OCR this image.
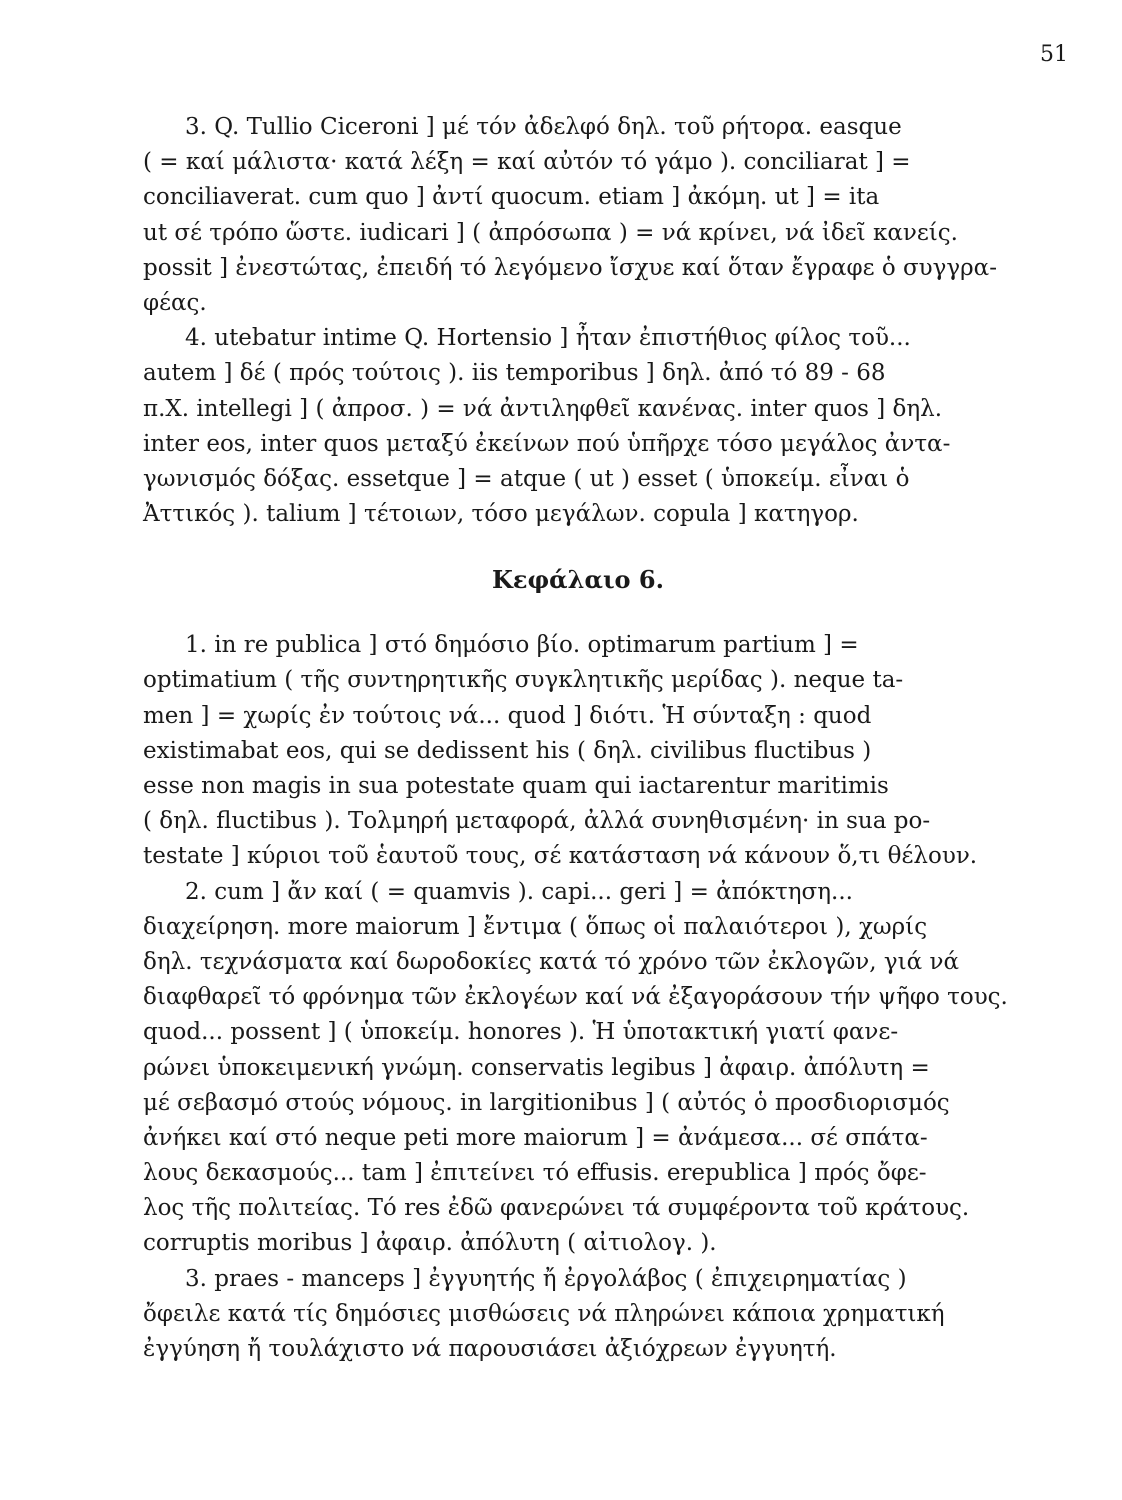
51
3. Q. Tullio Ciceroni ] μέ τόν ἀδελφό δηλ. τοῦ ρήτορα. easque
( = καί μάλιστα· κατά λέξη = καί αὐτόν τό γάμο ). conciliarat ] =
conciliaverat. cum quo ] ἀντί quocum. etiam ] ἀκόμη. ut ] = ita
ut σέ τρόπο ὥστε. iudicari ] ( ἀπρόσωπα ) = νά κρίνει, νά ἰδεῖ κανείς.
possit ] ἐνεστώτας, ἐπειδή τό λεγόμενο ἴσχυε καί ὅταν ἔγραφε ὁ συγγρα-
φέας.
4. utebatur intime Q. Hortensio ] ἦταν ἐπιστήθιος φίλος τοῦ...
autem ] δέ ( πρός τούτοις ). iis temporibus ] δηλ. ἀπό τό 89 - 68
π.Χ. intellegi ] ( ἀπροσ. ) = νά ἀντιληφθεῖ κανένας. inter quos ] δηλ.
inter eos, inter quos μεταξύ ἐκείνων πού ὑπῆρχε τόσο μεγάλος ἀντα-
γωνισμός δόξας. essetque ] = atque ( ut ) esset ( ὑποκείμ. εἶναι ὁ
Ἀττικός ). talium ] τέτοιων, τόσο μεγάλων. copula ] κατηγορ.
Κεφάλαιο 6.
1. in re publica ] στό δημόσιο βίο. optimarum partium ] =
optimatium ( τῆς συντηρητικῆς συγκλητικῆς μερίδας ). neque ta-
men ] = χωρίς ἐν τούτοις νά... quod ] διότι. Ἡ σύνταξη : quod
existimabat eos, qui se dedissent his ( δηλ. civilibus fluctibus )
esse non magis in sua potestate quam qui iactarentur maritimis
( δηλ. fluctibus ). Τολμηρή μεταφορά, ἀλλά συνηθισμένη· in sua po-
testate ] κύριοι τοῦ ἑαυτοῦ τους, σέ κατάσταση νά κάνουν ὅ,τι θέλουν.
2. cum ] ἄν καί ( = quamvis ). capi... geri ] = ἀπόκτηση...
διαχείρηση. more maiorum ] ἔντιμα ( ὅπως οἱ παλαιότεροι ), χωρίς
δηλ. τεχνάσματα καί δωροδοκίες κατά τό χρόνο τῶν ἐκλογῶν, γιά νά
διαφθαρεῖ τό φρόνημα τῶν ἐκλογέων καί νά ἐξαγοράσουν τήν ψῆφο τους.
quod... possent ] ( ὑποκείμ. honores ). Ἡ ὑποτακτική γιατί φανε-
ρώνει ὑποκειμενική γνώμη. conservatis legibus ] ἀφαιρ. ἀπόλυτη =
μέ σεβασμό στούς νόμους. in largitionibus ] ( αὐτός ὁ προσδιορισμός
ἀνήκει καί στό neque peti more maiorum ] = ἀνάμεσα... σέ σπάτα-
λους δεκασμούς... tam ] ἐπιτείνει τό effusis. erepublica ] πρός ὄφε-
λος τῆς πολιτείας. Τό res ἐδῶ φανερώνει τά συμφέροντα τοῦ κράτους.
corruptis moribus ] ἀφαιρ. ἀπόλυτη ( αἰτιολογ. ).
3. praes - manceps ] ἐγγυητής ἤ ἐργολάβος ( ἐπιχειρηματίας )
ὄφειλε κατά τίς δημόσιες μισθώσεις νά πληρώνει κάποια χρηματική
ἐγγύηση ἤ τουλάχιστο νά παρουσιάσει ἀξιόχρεων ἐγγυητή.
